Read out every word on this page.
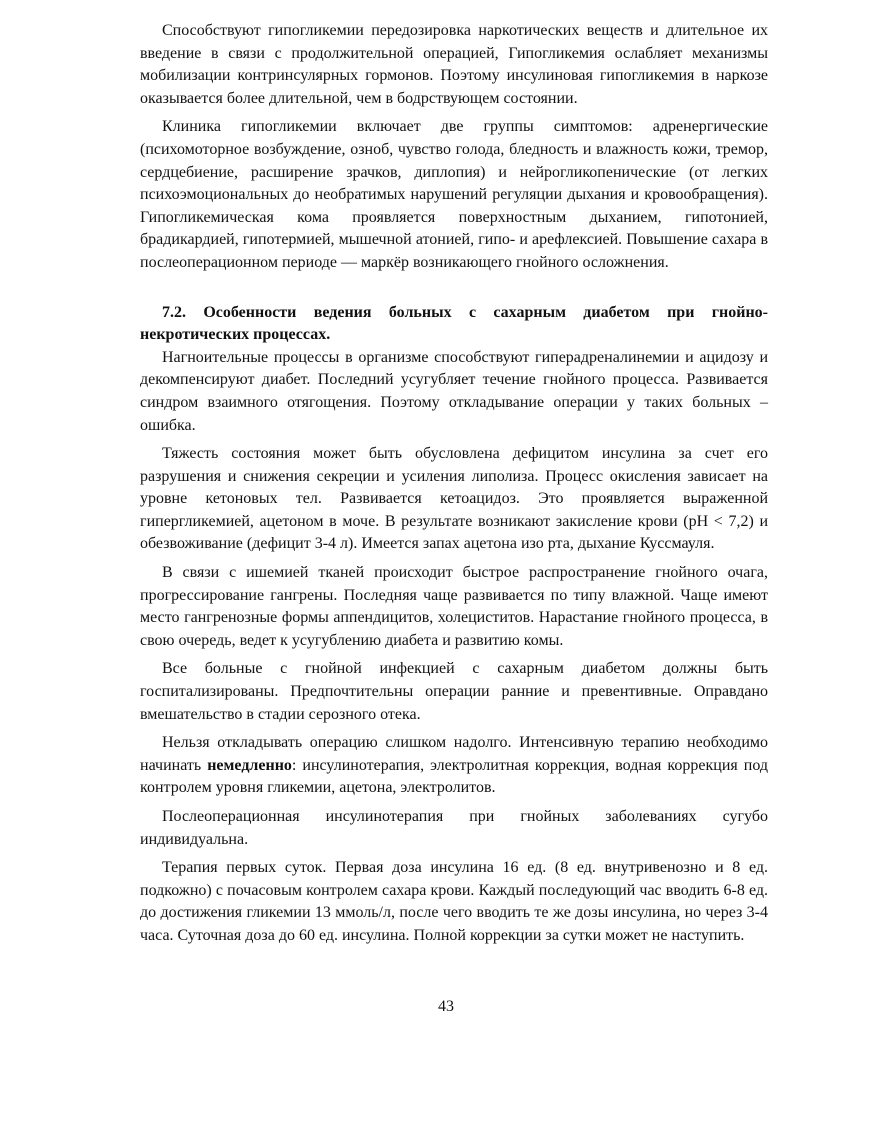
Способствуют гипогликемии передозировка наркотических веществ и длительное их введение в связи с продолжительной операцией, Гипогликемия ослабляет механизмы мобилизации контринсулярных гормонов. Поэтому инсулиновая гипогликемия в наркозе оказывается более длительной, чем в бодрствующем состоянии.

Клиника гипогликемии включает две группы симптомов: адренергические (психомоторное возбуждение, озноб, чувство голода, бледность и влажность кожи, тремор, сердцебиение, расширение зрачков, диплопия) и нейрогликопенические (от легких психоэмоциональных до необратимых нарушений регуляции дыхания и кровообращения). Гипогликемическая кома проявляется поверхностным дыханием, гипотонией, брадикардией, гипотермией, мышечной атонией, гипо- и арефлексией. Повышение сахара в послеоперационном периоде — маркёр возникающего гнойного осложнения.

7.2. Особенности ведения больных с сахарным диабетом при гнойно-некротических процессах.

Нагноительные процессы в организме способствуют гиперадреналинемии и ацидозу и декомпенсируют диабет. Последний усугубляет течение гнойного процесса. Развивается синдром взаимного отягощения. Поэтому откладывание операции у таких больных – ошибка.

Тяжесть состояния может быть обусловлена дефицитом инсулина за счет его разрушения и снижения секреции и усиления липолиза. Процесс окисления зависает на уровне кетоновых тел. Развивается кетоацидоз. Это проявляется выраженной гипергликемией, ацетоном в моче. В результате возникают закисление крови (pH < 7,2) и обезвоживание (дефицит 3-4 л). Имеется запах ацетона изо рта, дыхание Куссмауля.

В связи с ишемией тканей происходит быстрое распространение гнойного очага, прогрессирование гангрены. Последняя чаще развивается по типу влажной. Чаще имеют место гангренозные формы аппендицитов, холециститов. Нарастание гнойного процесса, в свою очередь, ведет к усугублению диабета и развитию комы.

Все больные с гнойной инфекцией с сахарным диабетом должны быть госпитализированы. Предпочтительны операции ранние и превентивные. Оправдано вмешательство в стадии серозного отека.

Нельзя откладывать операцию слишком надолго. Интенсивную терапию необходимо начинать немедленно: инсулинотерапия, электролитная коррекция, водная коррекция под контролем уровня гликемии, ацетона, электролитов.

Послеоперационная инсулинотерапия при гнойных заболеваниях сугубо индивидуальна.

Терапия первых суток. Первая доза инсулина 16 ед. (8 ед. внутривенозно и 8 ед. подкожно) с почасовым контролем сахара крови. Каждый последующий час вводить 6-8 ед. до достижения гликемии 13 ммоль/л, после чего вводить те же дозы инсулина, но через 3-4 часа. Суточная доза до 60 ед. инсулина. Полной коррекции за сутки может не наступить.

43
